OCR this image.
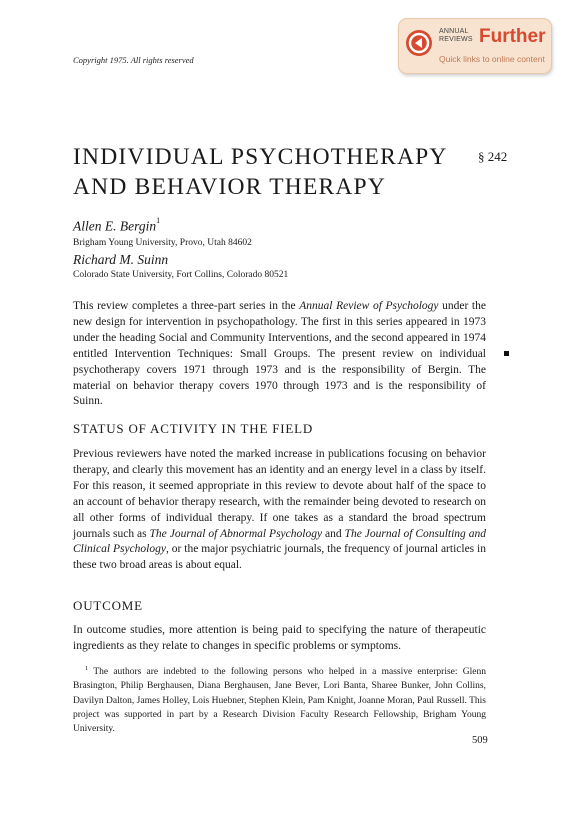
Copyright 1975. All rights reserved
ANNUAL
REVIEWS Further
Quick links to online content
INDIVIDUAL PSYCHOTHERAPY
AND BEHAVIOR THERAPY
§ 242
Allen E. Bergin$^1$
Brigham Young University, Provo, Utah 84602
Richard M. Suinn
Colorado State University, Fort Collins, Colorado 80521

This review completes a three-part series in the Annual Review of Psychology under the new design for intervention in psychopathology. The first in this series appeared in 1973 under the heading Social and Community Interventions, and the second appeared in 1974 entitled Intervention Techniques: Small Groups. The present review on individual psychotherapy covers 1971 through 1973 and is the responsibility of Bergin. The material on behavior therapy covers 1970 through 1973 and is the responsibility of Suinn.

STATUS OF ACTIVITY IN THE FIELD

Previous reviewers have noted the marked increase in publications focusing on behavior therapy, and clearly this movement has an identity and an energy level in a class by itself. For this reason, it seemed appropriate in this review to devote about half of the space to an account of behavior therapy research, with the remainder being devoted to research on all other forms of individual therapy. If one takes as a standard the broad spectrum journals such as The Journal of Abnormal Psychology and The Journal of Consulting and Clinical Psychology, or the major psychiatric journals, the frequency of journal articles in these two broad areas is about equal.

OUTCOME

In outcome studies, more attention is being paid to specifying the nature of therapeutic ingredients as they relate to changes in specific problems or symptoms.

$^1$ The authors are indebted to the following persons who helped in a massive enterprise: Glenn Brasington, Philip Berghausen, Diana Berghausen, Jane Bever, Lori Banta, Sharee Bunker, John Collins, Davilyn Dalton, James Holley, Lois Huebner, Stephen Klein, Pam Knight, Joanne Moran, Paul Russell. This project was supported in part by a Research Division Faculty Research Fellowship, Brigham Young University.

509
